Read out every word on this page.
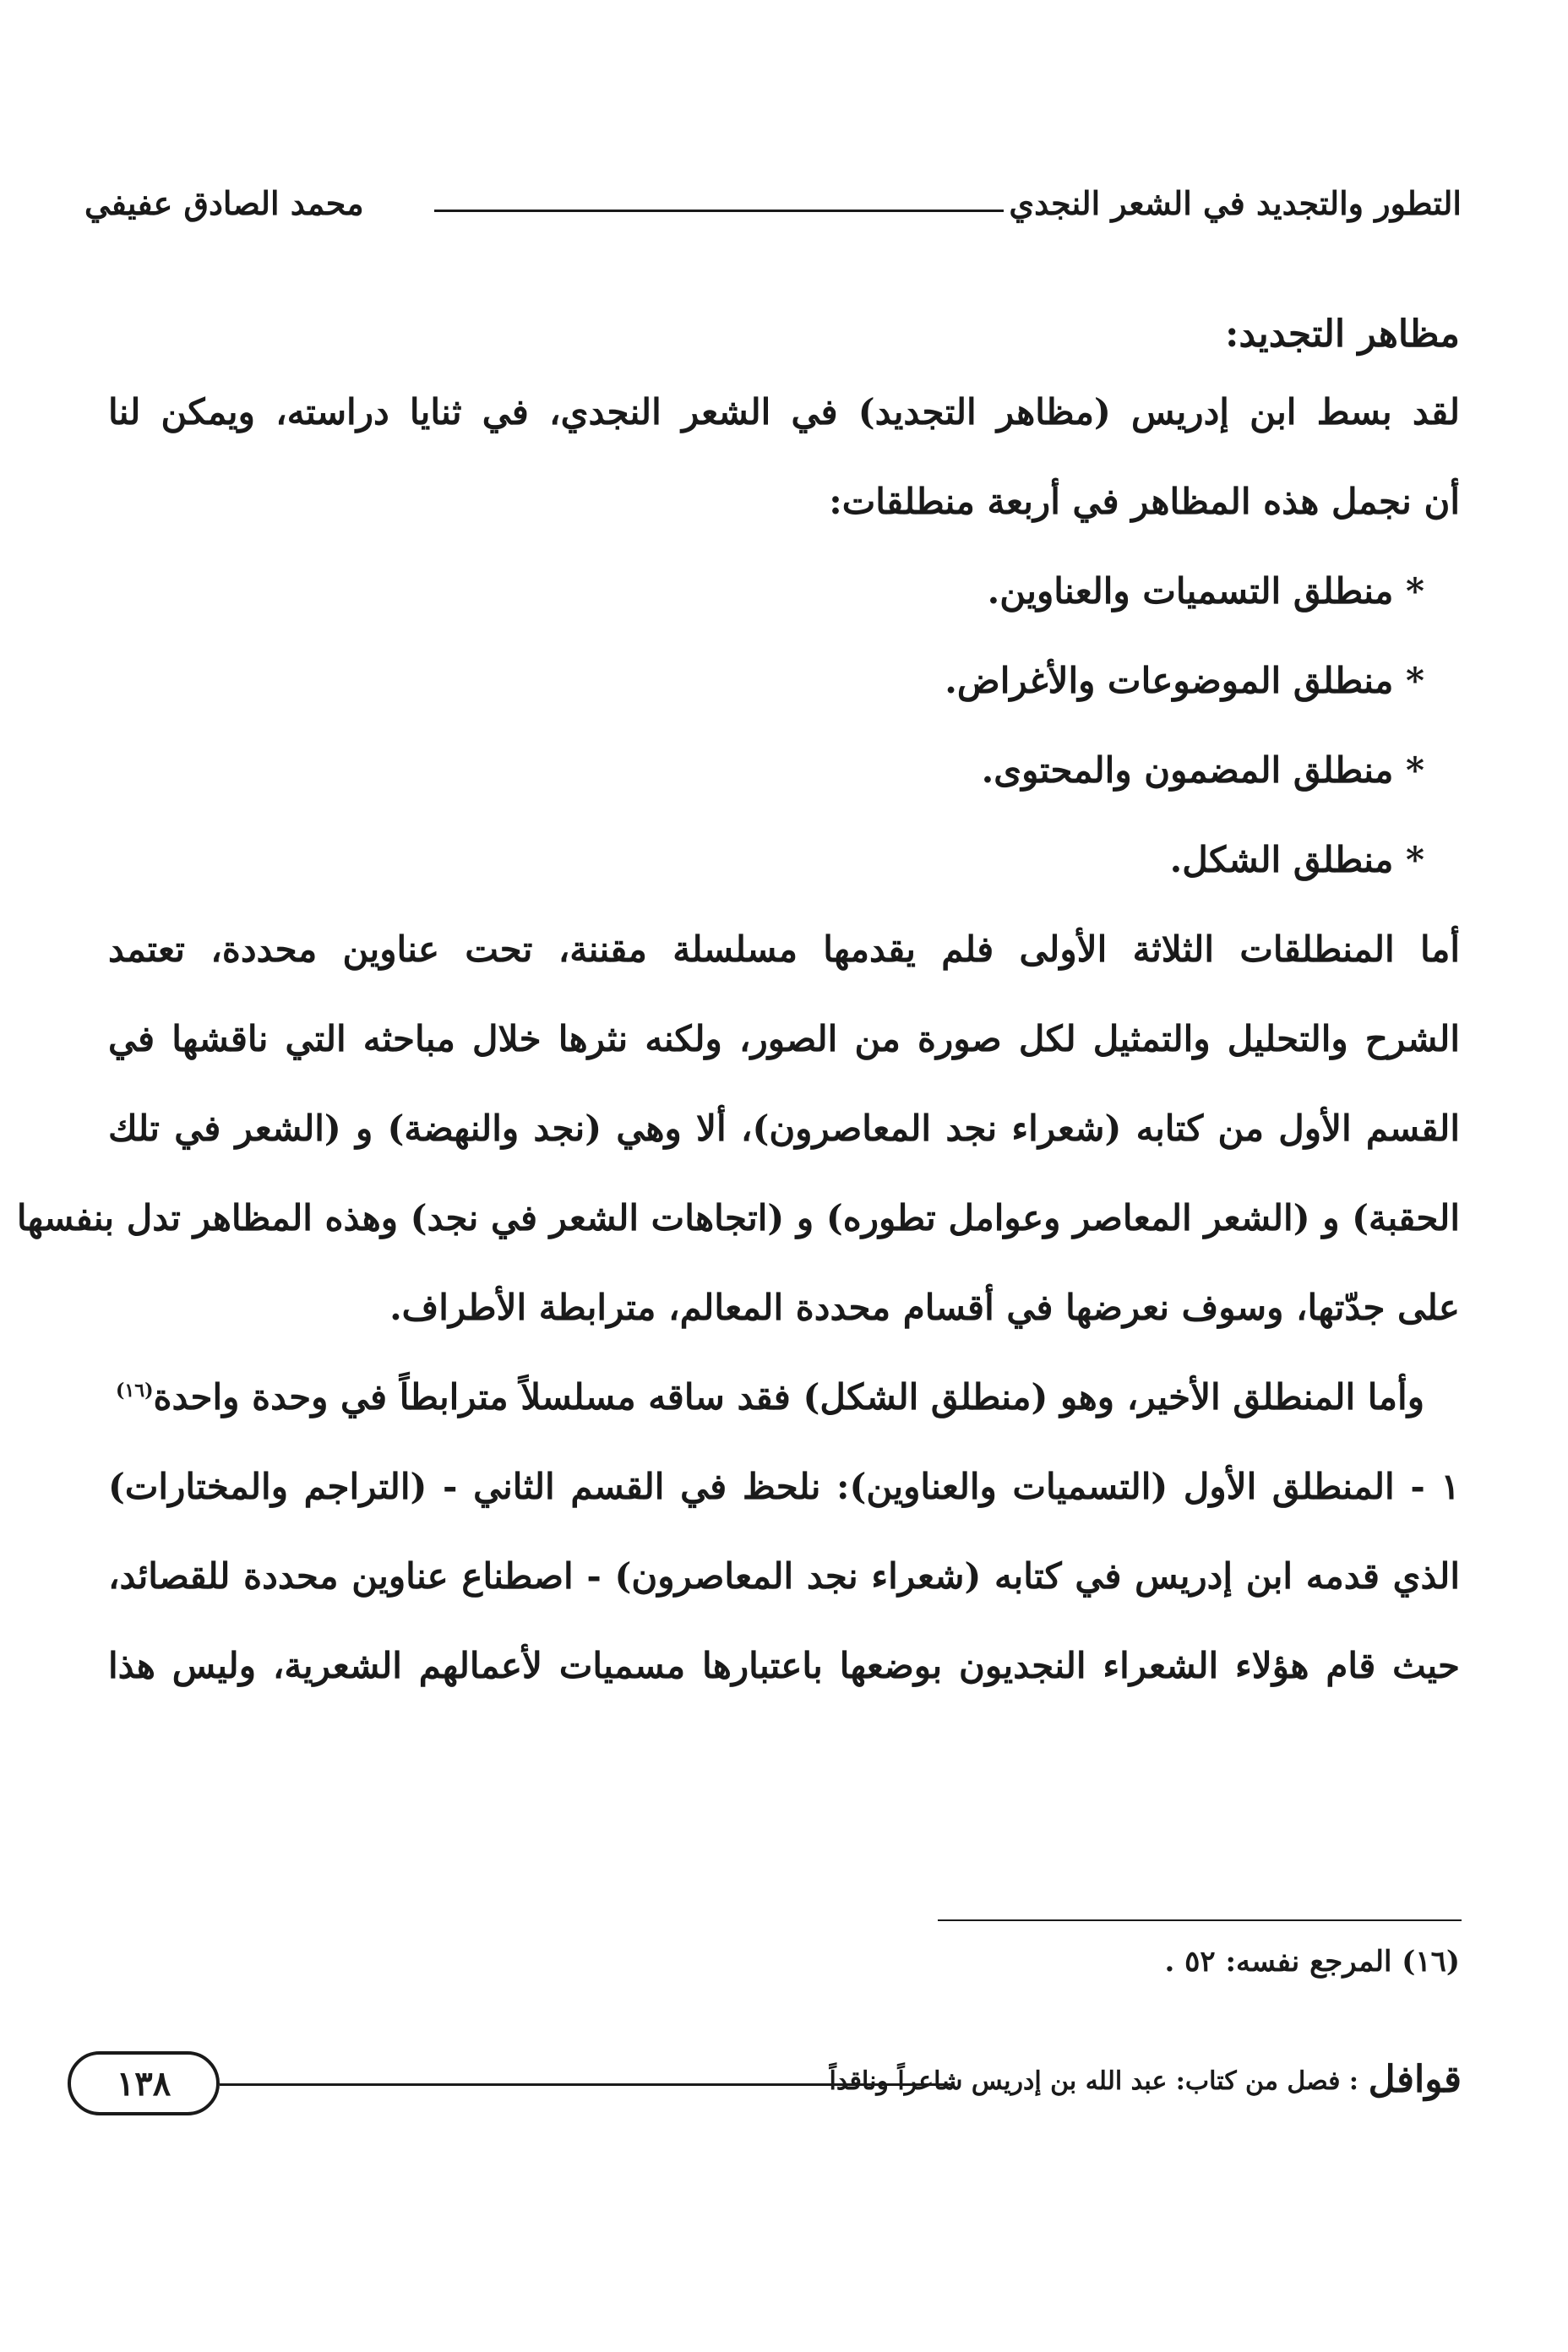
التطور والتجديد في الشعر النجدي
محمد الصادق عفيفي
مظاهر التجديد:
لقد بسط ابن إدريس (مظاهر التجديد) في الشعر النجدي، في ثنايا دراسته، ويمكن لنا
أن نجمل هذه المظاهر في أربعة منطلقات:
* منطلق التسميات والعناوين.
* منطلق الموضوعات والأغراض.
* منطلق المضمون والمحتوى.
* منطلق الشكل.
أما المنطلقات الثلاثة الأولى فلم يقدمها مسلسلة مقننة، تحت عناوين محددة، تعتمد
الشرح والتحليل والتمثيل لكل صورة من الصور، ولكنه نثرها خلال مباحثه التي ناقشها في
القسم الأول من كتابه (شعراء نجد المعاصرون)، ألا وهي (نجد والنهضة) و (الشعر في تلك
الحقبة) و (الشعر المعاصر وعوامل تطوره) و (اتجاهات الشعر في نجد) وهذه المظاهر تدل بنفسها
على جدّتها، وسوف نعرضها في أقسام محددة المعالم، مترابطة الأطراف.
وأما المنطلق الأخير، وهو (منطلق الشكل) فقد ساقه مسلسلاً مترابطاً في وحدة واحدة$^{(١٦)}$
١ - المنطلق الأول (التسميات والعناوين): نلحظ في القسم الثاني - (التراجم والمختارات)
الذي قدمه ابن إدريس في كتابه (شعراء نجد المعاصرون) - اصطناع عناوين محددة للقصائد،
حيث قام هؤلاء الشعراء النجديون بوضعها باعتبارها مسميات لأعمالهم الشعرية، وليس هذا
(١٦) المرجع نفسه: ٥٢ .
قوافل
: فصل من كتاب: عبد الله بن إدريس شاعراً وناقداً
١٣٨
